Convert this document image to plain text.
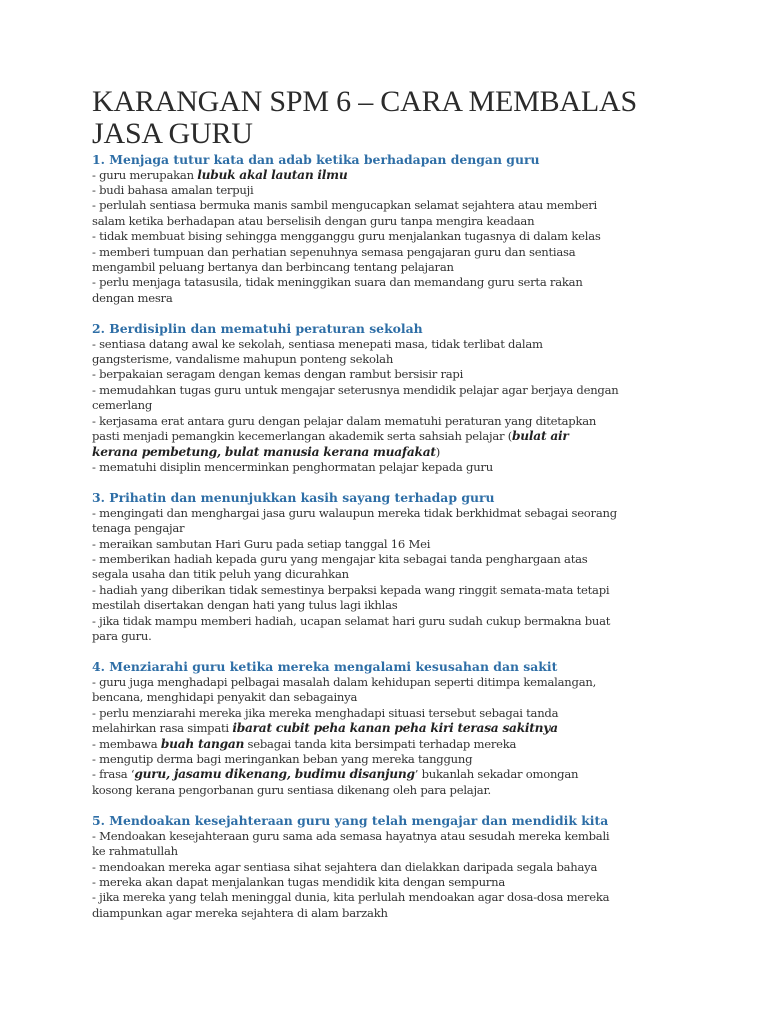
KARANGAN SPM 6 – CARA MEMBALAS
JASA GURU
1. Menjaga tutur kata dan adab ketika berhadapan dengan guru
- guru merupakan lubuk akal lautan ilmu
- budi bahasa amalan terpuji
- perlulah sentiasa bermuka manis sambil mengucapkan selamat sejahtera atau memberi
salam ketika berhadapan atau berselisih dengan guru tanpa mengira keadaan
- tidak membuat bising sehingga mengganggu guru menjalankan tugasnya di dalam kelas
- memberi tumpuan dan perhatian sepenuhnya semasa pengajaran guru dan sentiasa
mengambil peluang bertanya dan berbincang tentang pelajaran
- perlu menjaga tatasusila, tidak meninggikan suara dan memandang guru serta rakan
dengan mesra
2. Berdisiplin dan mematuhi peraturan sekolah
- sentiasa datang awal ke sekolah, sentiasa menepati masa, tidak terlibat dalam
gangsterisme, vandalisme mahupun ponteng sekolah
- berpakaian seragam dengan kemas dengan rambut bersisir rapi
- memudahkan tugas guru untuk mengajar seterusnya mendidik pelajar agar berjaya dengan
cemerlang
- kerjasama erat antara guru dengan pelajar dalam mematuhi peraturan yang ditetapkan
pasti menjadi pemangkin kecemerlangan akademik serta sahsiah pelajar (bulat air
kerana pembetung, bulat manusia kerana muafakat)
- mematuhi disiplin mencerminkan penghormatan pelajar kepada guru
3. Prihatin dan menunjukkan kasih sayang terhadap guru
- mengingati dan menghargai jasa guru walaupun mereka tidak berkhidmat sebagai seorang
tenaga pengajar
- meraikan sambutan Hari Guru pada setiap tanggal 16 Mei
- memberikan hadiah kepada guru yang mengajar kita sebagai tanda penghargaan atas
segala usaha dan titik peluh yang dicurahkan
- hadiah yang diberikan tidak semestinya berpaksi kepada wang ringgit semata-mata tetapi
mestilah disertakan dengan hati yang tulus lagi ikhlas
- jika tidak mampu memberi hadiah, ucapan selamat hari guru sudah cukup bermakna buat
para guru.
4. Menziarahi guru ketika mereka mengalami kesusahan dan sakit
- guru juga menghadapi pelbagai masalah dalam kehidupan seperti ditimpa kemalangan,
bencana, menghidapi penyakit dan sebagainya
- perlu menziarahi mereka jika mereka menghadapi situasi tersebut sebagai tanda
melahirkan rasa simpati ibarat cubit peha kanan peha kiri terasa sakitnya
- membawa buah tangan sebagai tanda kita bersimpati terhadap mereka
- mengutip derma bagi meringankan beban yang mereka tanggung
- frasa ‘guru, jasamu dikenang, budimu disanjung’ bukanlah sekadar omongan
kosong kerana pengorbanan guru sentiasa dikenang oleh para pelajar.
5. Mendoakan kesejahteraan guru yang telah mengajar dan mendidik kita
- Mendoakan kesejahteraan guru sama ada semasa hayatnya atau sesudah mereka kembali
ke rahmatullah
- mendoakan mereka agar sentiasa sihat sejahtera dan dielakkan daripada segala bahaya
- mereka akan dapat menjalankan tugas mendidik kita dengan sempurna
- jika mereka yang telah meninggal dunia, kita perlulah mendoakan agar dosa-dosa mereka
diampunkan agar mereka sejahtera di alam barzakh
